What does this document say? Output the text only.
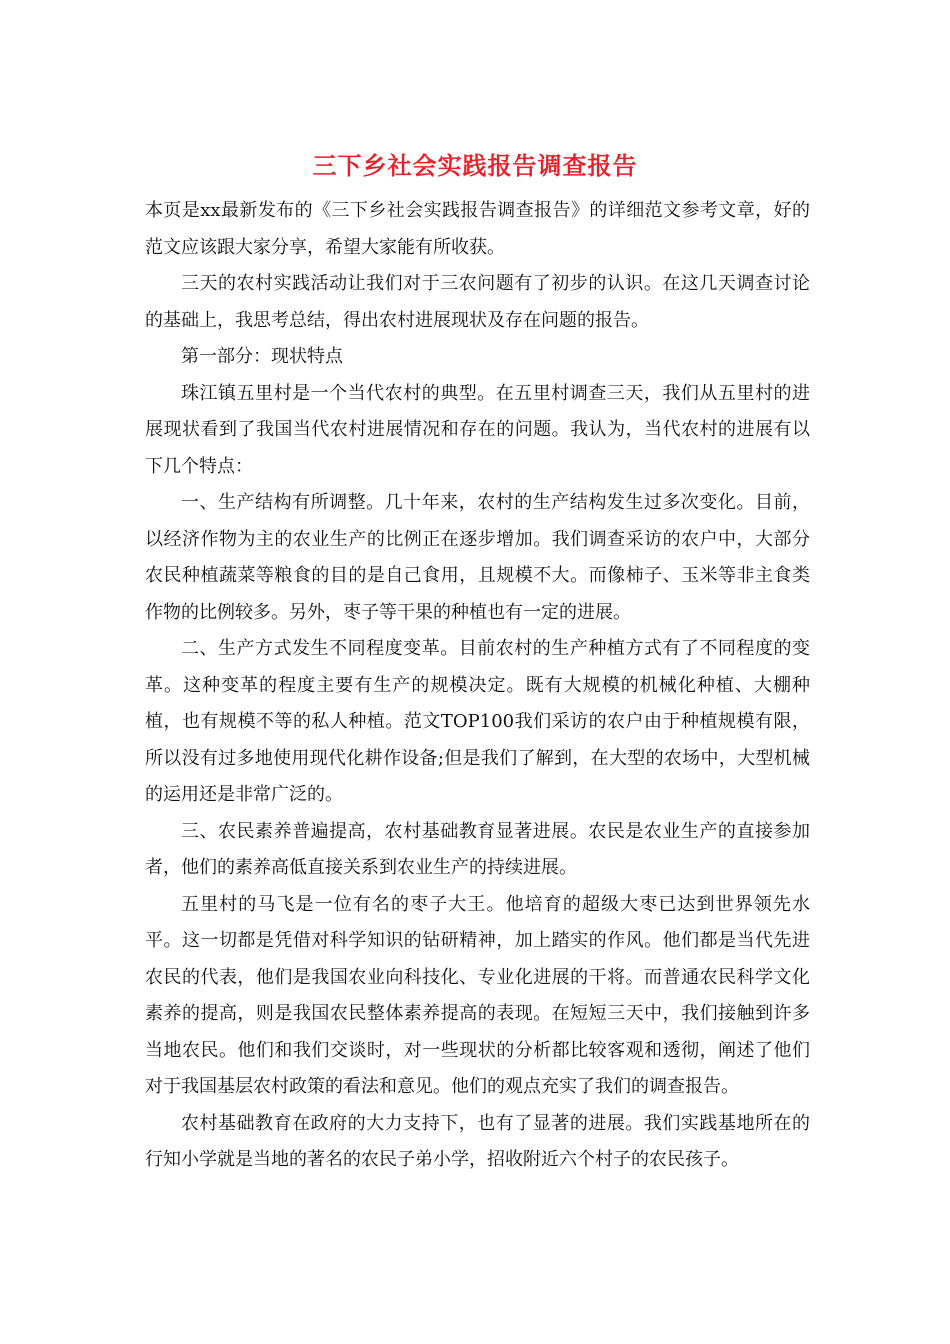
三下乡社会实践报告调查报告

本页是xx最新发布的《三下乡社会实践报告调查报告》的详细范文参考文章，好的范文应该跟大家分享，希望大家能有所收获。

三天的农村实践活动让我们对于三农问题有了初步的认识。在这几天调查讨论的基础上，我思考总结，得出农村进展现状及存在问题的报告。

第一部分：现状特点

珠江镇五里村是一个当代农村的典型。在五里村调查三天，我们从五里村的进展现状看到了我国当代农村进展情况和存在的问题。我认为，当代农村的进展有以下几个特点：

一、生产结构有所调整。几十年来，农村的生产结构发生过多次变化。目前，以经济作物为主的农业生产的比例正在逐步增加。我们调查采访的农户中，大部分农民种植蔬菜等粮食的目的是自己食用，且规模不大。而像柿子、玉米等非主食类作物的比例较多。另外，枣子等干果的种植也有一定的进展。

二、生产方式发生不同程度变革。目前农村的生产种植方式有了不同程度的变革。这种变革的程度主要有生产的规模决定。既有大规模的机械化种植、大棚种植，也有规模不等的私人种植。范文TOP100我们采访的农户由于种植规模有限，所以没有过多地使用现代化耕作设备;但是我们了解到，在大型的农场中，大型机械的运用还是非常广泛的。

三、农民素养普遍提高，农村基础教育显著进展。农民是农业生产的直接参加者，他们的素养高低直接关系到农业生产的持续进展。

五里村的马飞是一位有名的枣子大王。他培育的超级大枣已达到世界领先水平。这一切都是凭借对科学知识的钻研精神，加上踏实的作风。他们都是当代先进农民的代表，他们是我国农业向科技化、专业化进展的干将。而普通农民科学文化素养的提高，则是我国农民整体素养提高的表现。在短短三天中，我们接触到许多当地农民。他们和我们交谈时，对一些现状的分析都比较客观和透彻，阐述了他们对于我国基层农村政策的看法和意见。他们的观点充实了我们的调查报告。

农村基础教育在政府的大力支持下，也有了显著的进展。我们实践基地所在的行知小学就是当地的著名的农民子弟小学，招收附近六个村子的农民孩子。
